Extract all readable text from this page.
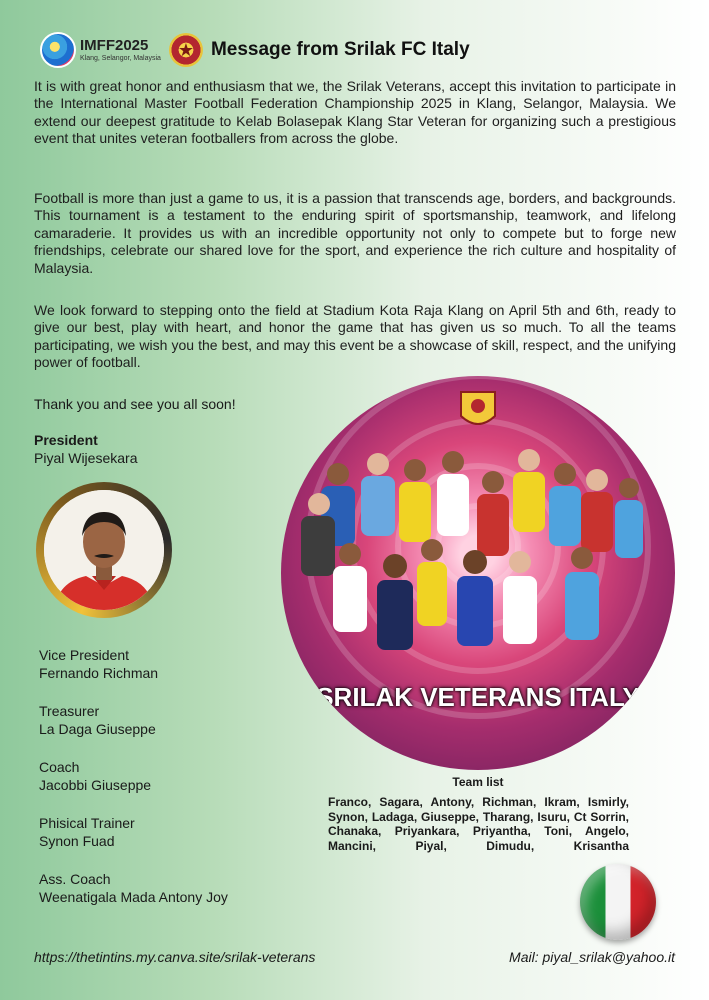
IMFF2025
Klang, Selangor, Malaysia ★ Message from Srilak FC Italy

It is with great honor and enthusiasm that we, the Srilak Veterans, accept this invitation to participate in the International Master Football Federation Championship 2025 in Klang, Selangor, Malaysia. We extend our deepest gratitude to Kelab Bolasepak Klang Star Veteran for organizing such a prestigious event that unites veteran footballers from across the globe.

Football is more than just a game to us, it is a passion that transcends age, borders, and backgrounds. This tournament is a testament to the enduring spirit of sportsmanship, teamwork, and lifelong camaraderie. It provides us with an incredible opportunity not only to compete but to forge new friendships, celebrate our shared love for the sport, and experience the rich culture and hospitality of Malaysia.

We look forward to stepping onto the field at Stadium Kota Raja Klang on April 5th and 6th, ready to give our best, play with heart, and honor the game that has given us so much. To all the teams participating, we wish you the best, and may this event be a showcase of skill, respect, and the unifying power of football.

Thank you and see you all soon!

President
Piyal Wijesekara
Vice President
Fernando Richman
Treasurer
La Daga Giuseppe
Coach
Jacobbi Giuseppe
Phisical Trainer
Synon Fuad
Ass. Coach
Weenatigala Mada Antony Joy
SRILAK VETERANS ITALY
Team list

Franco, Sagara, Antony, Richman, Ikram, Ismirly, Synon, Ladaga, Giuseppe, Tharang, Isuru, Ct Sorrin, Chanaka, Priyankara, Priyantha, Toni, Angelo, Mancini, Piyal, Dimudu, Krisantha

https://thetintins.my.canva.site/srilak-veterans	Mail: piyal_srilak@yahoo.it
